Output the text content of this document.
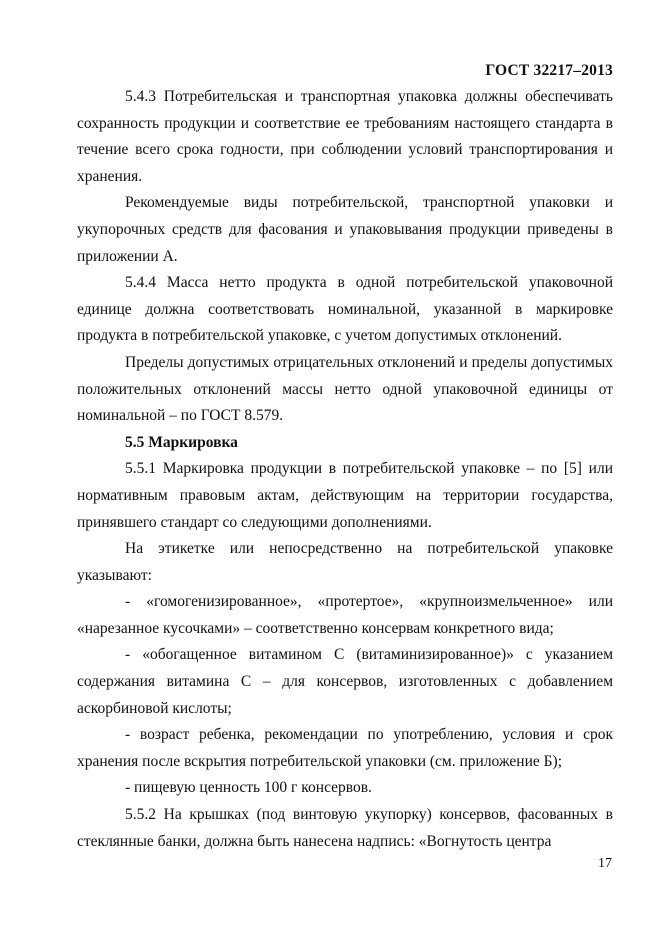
ГОСТ 32217–2013

5.4.3 Потребительская и транспортная упаковка должны обеспечивать сохранность продукции и соответствие ее требованиям настоящего стандарта в течение всего срока годности, при соблюдении условий транспортирования и хранения.

Рекомендуемые виды потребительской, транспортной упаковки и укупорочных средств для фасования и упаковывания продукции приведены в приложении А.

5.4.4 Масса нетто продукта в одной потребительской упаковочной единице должна соответствовать номинальной, указанной в маркировке продукта в потребительской упаковке, с учетом допустимых отклонений.

Пределы допустимых отрицательных отклонений и пределы допустимых положительных отклонений массы нетто одной упаковочной единицы от номинальной – по ГОСТ 8.579.

5.5 Маркировка

5.5.1 Маркировка продукции в потребительской упаковке – по [5] или нормативным правовым актам, действующим на территории государства, принявшего стандарт со следующими дополнениями.

На этикетке или непосредственно на потребительской упаковке указывают:

- «гомогенизированное», «протертое», «крупноизмельченное» или «нарезанное кусочками» – соответственно консервам конкретного вида;

- «обогащенное витамином С (витаминизированное)» с указанием содержания витамина С – для консервов, изготовленных с добавлением аскорбиновой кислоты;

- возраст ребенка, рекомендации по употреблению, условия и срок хранения после вскрытия потребительской упаковки (см. приложение Б);

- пищевую ценность 100 г консервов.

5.5.2 На крышках (под винтовую укупорку) консервов, фасованных в стеклянные банки, должна быть нанесена надпись: «Вогнутость центра

17
